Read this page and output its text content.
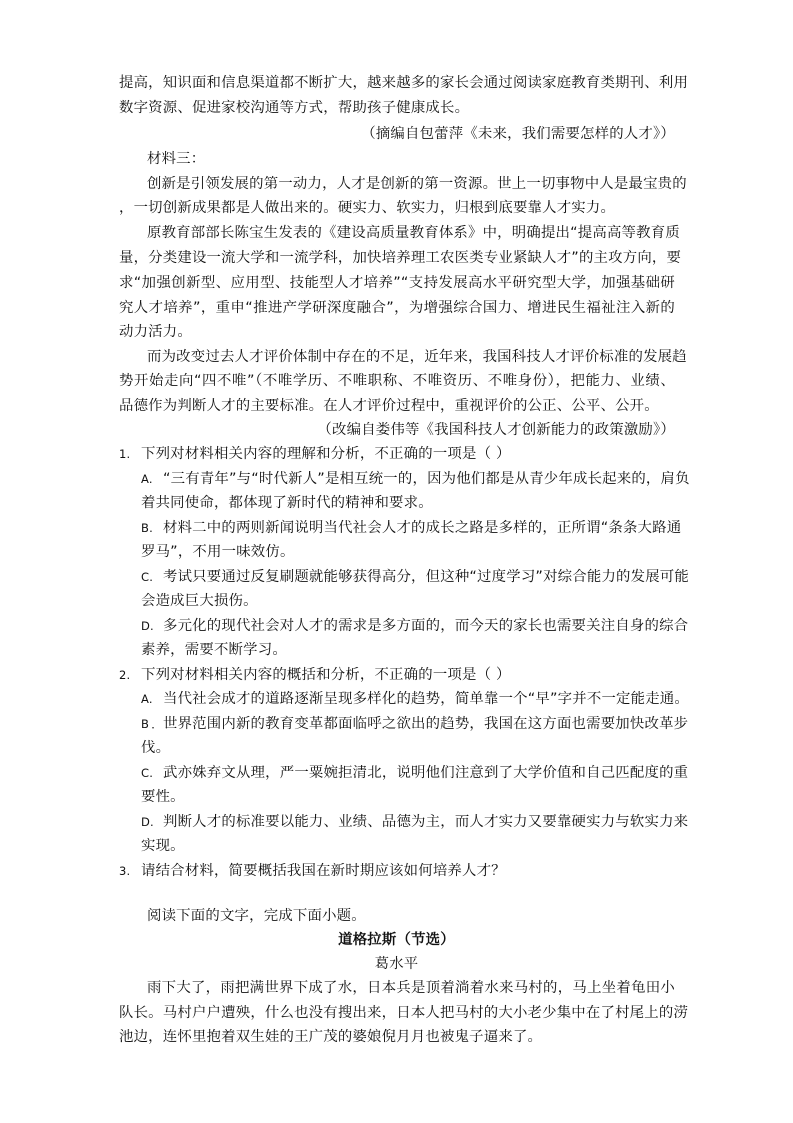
提高，知识面和信息渠道都不断扩大，越来越多的家长会通过阅读家庭教育类期刊、利用
数字资源、促进家校沟通等方式，帮助孩子健康成长。
（摘编自包蕾萍《未来，我们需要怎样的人才》）
材料三：
创新是引领发展的第一动力，人才是创新的第一资源。世上一切事物中人是最宝贵的
，一切创新成果都是人做出来的。硬实力、软实力，归根到底要靠人才实力。
原教育部部长陈宝生发表的《建设高质量教育体系》中，明确提出“提高高等教育质
量，分类建设一流大学和一流学科，加快培养理工农医类专业紧缺人才”的主攻方向，要
求“加强创新型、应用型、技能型人才培养”“支持发展高水平研究型大学，加强基础研
究人才培养”，重申“推进产学研深度融合”，为增强综合国力、增进民生福祉注入新的
动力活力。
而为改变过去人才评价体制中存在的不足，近年来，我国科技人才评价标准的发展趋
势开始走向“四不唯”（不唯学历、不唯职称、不唯资历、不唯身份），把能力、业绩、
品德作为判断人才的主要标准。在人才评价过程中，重视评价的公正、公平、公开。
（改编自娄伟等《我国科技人才创新能力的政策激励》）
1. 下列对材料相关内容的理解和分析，不正确的一项是（ ）
A. “三有青年”与“时代新人”是相互统一的，因为他们都是从青少年成长起来的，肩负
着共同使命，都体现了新时代的精神和要求。
B. 材料二中的两则新闻说明当代社会人才的成长之路是多样的，正所谓“条条大路通
罗马”，不用一味效仿。
C. 考试只要通过反复刷题就能够获得高分，但这种“过度学习”对综合能力的发展可能
会造成巨大损伤。
D. 多元化的现代社会对人才的需求是多方面的，而今天的家长也需要关注自身的综合
素养，需要不断学习。
2. 下列对材料相关内容的概括和分析，不正确的一项是（ ）
A. 当代社会成才的道路逐渐呈现多样化的趋势，简单靠一个“早”字并不一定能走通。
B．世界范围内新的教育变革都面临呼之欲出的趋势，我国在这方面也需要加快改革步
伐。
C. 武亦姝弃文从理，严一粟婉拒清北，说明他们注意到了大学价值和自己匹配度的重
要性。
D. 判断人才的标准要以能力、业绩、品德为主，而人才实力又要靠硬实力与软实力来
实现。
3. 请结合材料，简要概括我国在新时期应该如何培养人才？
阅读下面的文字，完成下面小题。
道格拉斯（节选）
葛水平
雨下大了，雨把满世界下成了水，日本兵是顶着淌着水来马村的，马上坐着龟田小
队长。马村户户遭殃，什么也没有搜出来，日本人把马村的大小老少集中在了村尾上的涝
池边，连怀里抱着双生娃的王广茂的婆娘倪月月也被鬼子逼来了。
